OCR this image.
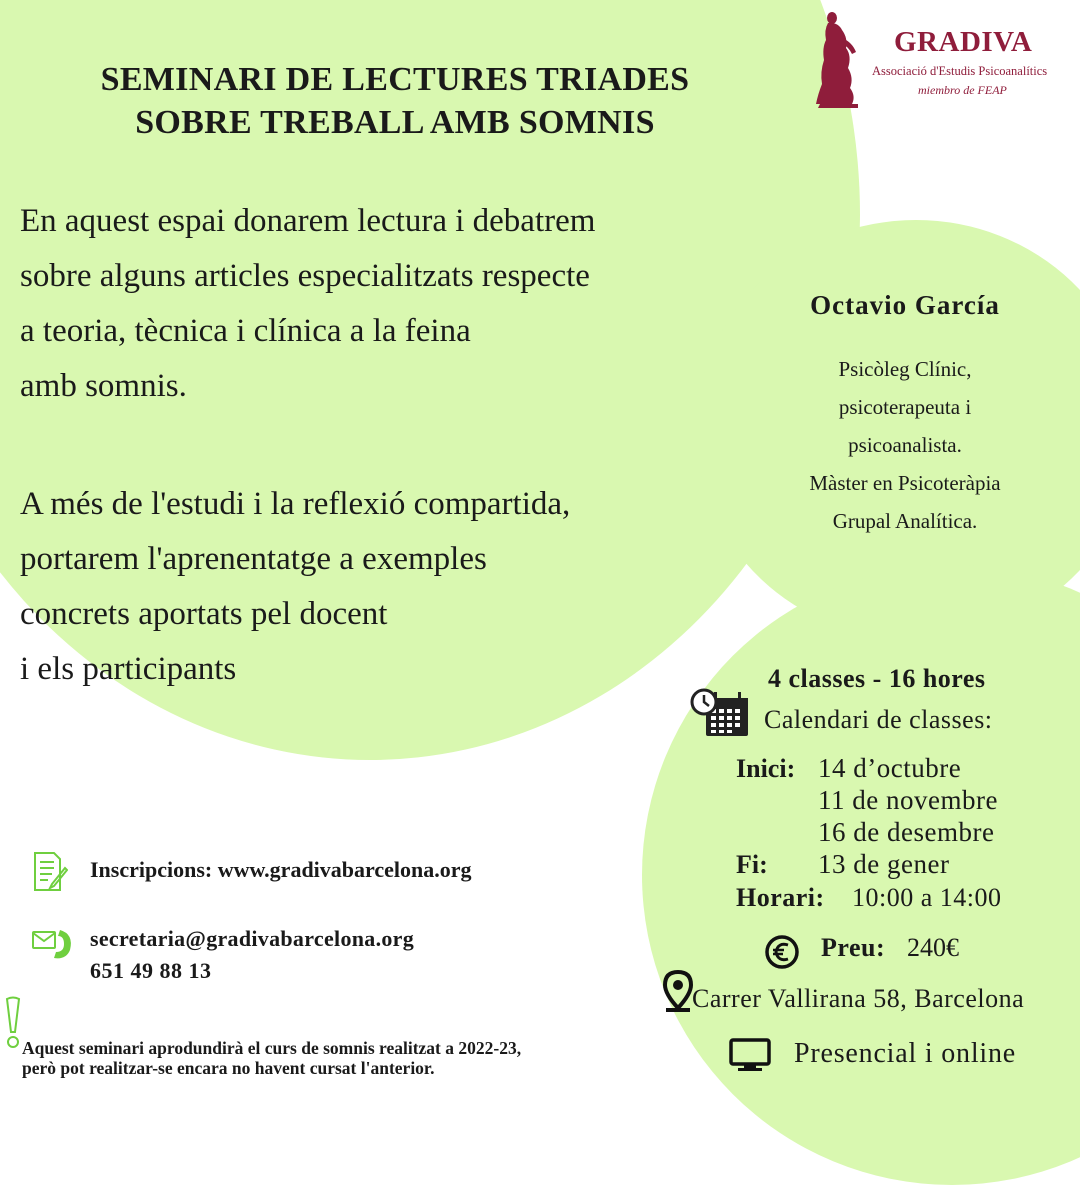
SEMINARI DE LECTURES TRIADES
SOBRE TREBALL AMB SOMNIS
En aquest espai donarem lectura i debatrem
sobre alguns articles especialitzats respecte
a teoria, tècnica i clínica a la feina
amb somnis.
A més de l'estudi i la reflexió compartida,
portarem l'aprenentatge a exemples
concrets aportats pel docent
i els participants
GRADIVA
Associació d'Estudis Psicoanalítics
miembro de FEAP
Octavio García
Psicòleg Clínic,
psicoterapeuta i
psicoanalista.
Màster en Psicoteràpia
Grupal Analítica.
4 classes - 16 hores
Calendari de classes:
Inici: 14 d’octubre
11 de novembre
16 de desembre
Fi: 13 de gener
Horari: 10:00 a 14:00
Preu: 240€
Carrer Vallirana 58, Barcelona
Presencial i online
Inscripcions: www.gradivabarcelona.org
secretaria@gradivabarcelona.org
651 49 88 13
Aquest seminari aprodundirà el curs de somnis realitzat a 2022-23,
però pot realitzar-se encara no havent cursat l'anterior.
